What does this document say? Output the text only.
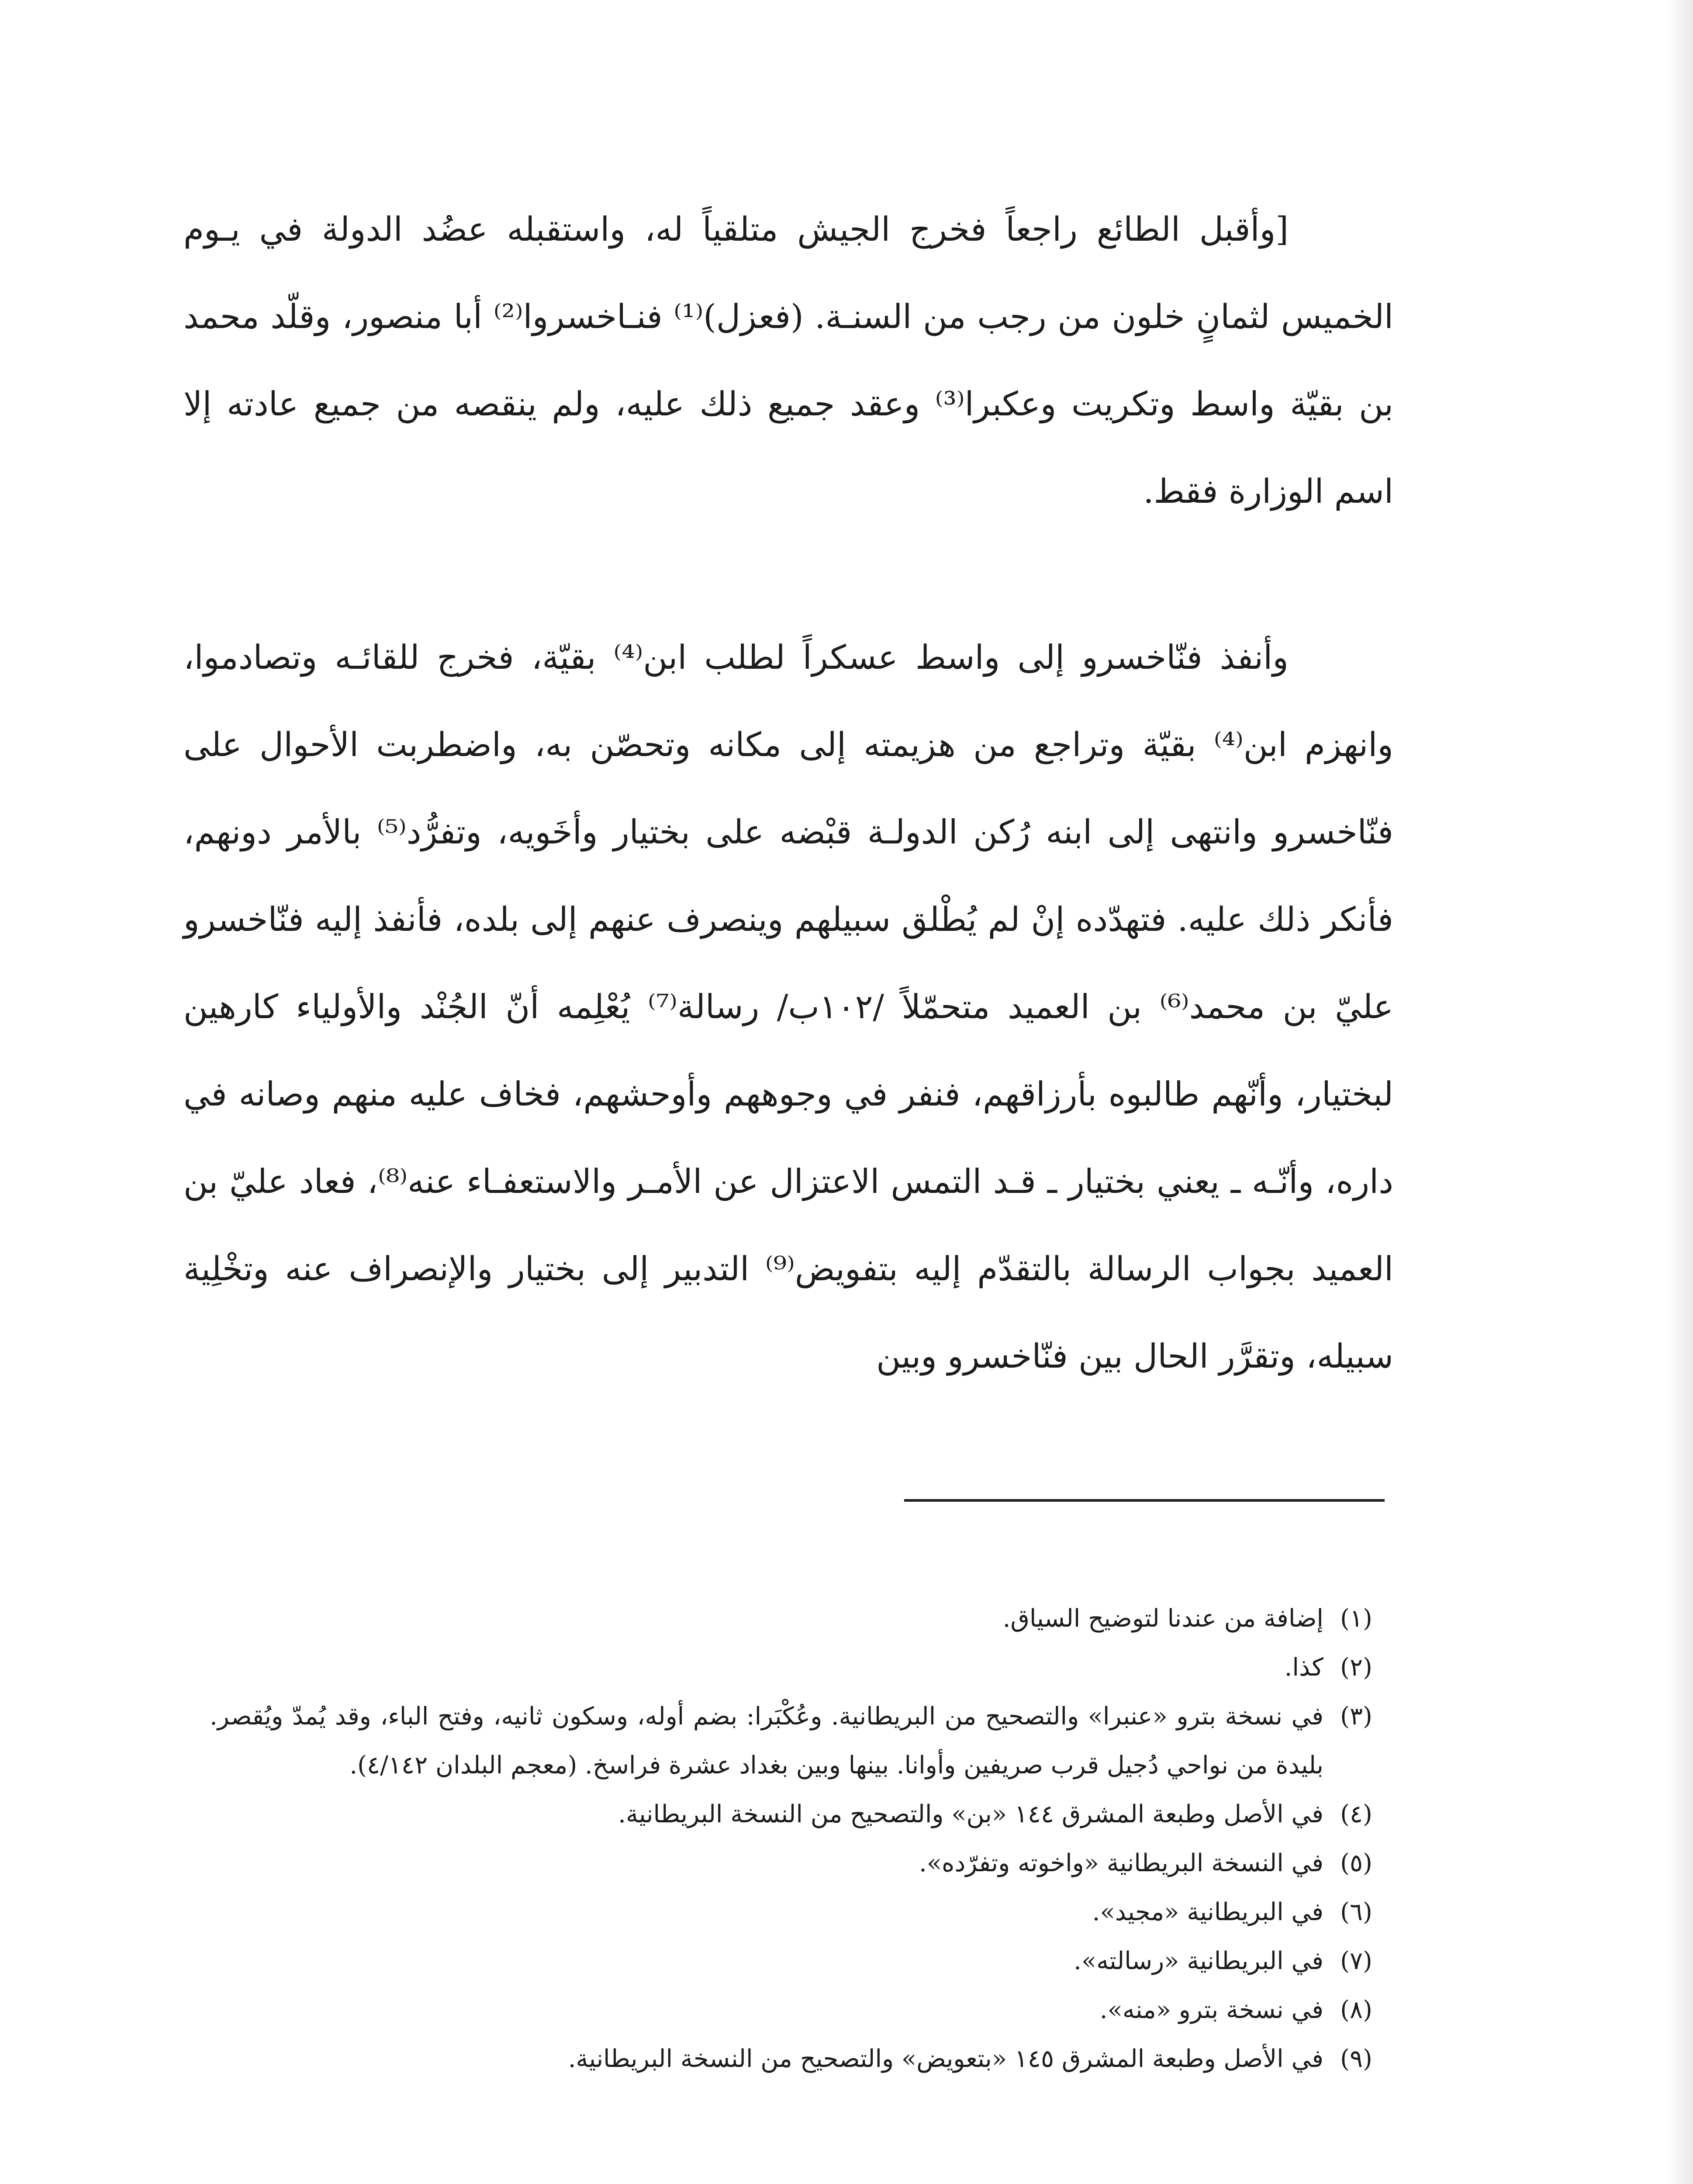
[وأقبل الطائع راجعاً فخرج الجيش متلقياً له، واستقبله عضُد الدولة في يـوم الخميس لثمانٍ خلون من رجب من السنـة. (فعزل)⁽¹⁾ فنـاخسروا⁽²⁾ أبا منصور، وقلّد محمد بن بقيّة واسط وتكريت وعكبرا⁽³⁾ وعقد جميع ذلك عليه، ولم ينقصه من جميع عادته إلا اسم الوزارة فقط.

وأنفذ فنّاخسرو إلى واسط عسكراً لطلب ابن⁽⁴⁾ بقيّة، فخرج للقائـه وتصادموا، وانهزم ابن⁽⁴⁾ بقيّة وتراجع من هزيمته إلى مكانه وتحصّن به، واضطربت الأحوال على فنّاخسرو وانتهى إلى ابنه رُكن الدولـة قبْضه على بختيار وأخَويه، وتفرُّد⁽⁵⁾ بالأمر دونهم، فأنكر ذلك عليه. فتهدّده إنْ لم يُطْلق سبيلهم وينصرف عنهم إلى بلده، فأنفذ إليه فنّاخسرو عليّ بن محمد⁽⁶⁾ بن العميد متحمّلاً /١٠٢ب/ رسالة⁽⁷⁾ يُعْلِمه أنّ الجُنْد والأولياء كارهين لبختيار، وأنّهم طالبوه بأرزاقهم، فنفر في وجوههم وأوحشهم، فخاف عليه منهم وصانه في داره، وأنّـه ـ يعني بختيار ـ قـد التمس الاعتزال عن الأمـر والاستعفـاء عنه⁽⁸⁾، فعاد عليّ بن العميد بجواب الرسالة بالتقدّم إليه بتفويض⁽⁹⁾ التدبير إلى بختيار والإنصراف عنه وتخْلِية سبيله، وتقرَّر الحال بين فنّاخسرو وبين

(١)
إضافة من عندنا لتوضيح السياق.
(٢)
كذا.
(٣)
في نسخة بترو «عنبرا» والتصحيح من البريطانية. وعُكْبَرا: بضم أوله، وسكون ثانيه، وفتح الباء، وقد يُمدّ ويُقصر. بليدة من نواحي دُجيل قرب صريفين وأوانا. بينها وبين بغداد عشرة فراسخ. (معجم البلدان ٤/١٤٢).
(٤)
في الأصل وطبعة المشرق ١٤٤ «بن» والتصحيح من النسخة البريطانية.
(٥)
في النسخة البريطانية «واخوته وتفرّده».
(٦)
في البريطانية «مجيد».
(٧)
في البريطانية «رسالته».
(٨)
في نسخة بترو «منه».
(٩)
في الأصل وطبعة المشرق ١٤٥ «بتعويض» والتصحيح من النسخة البريطانية.
